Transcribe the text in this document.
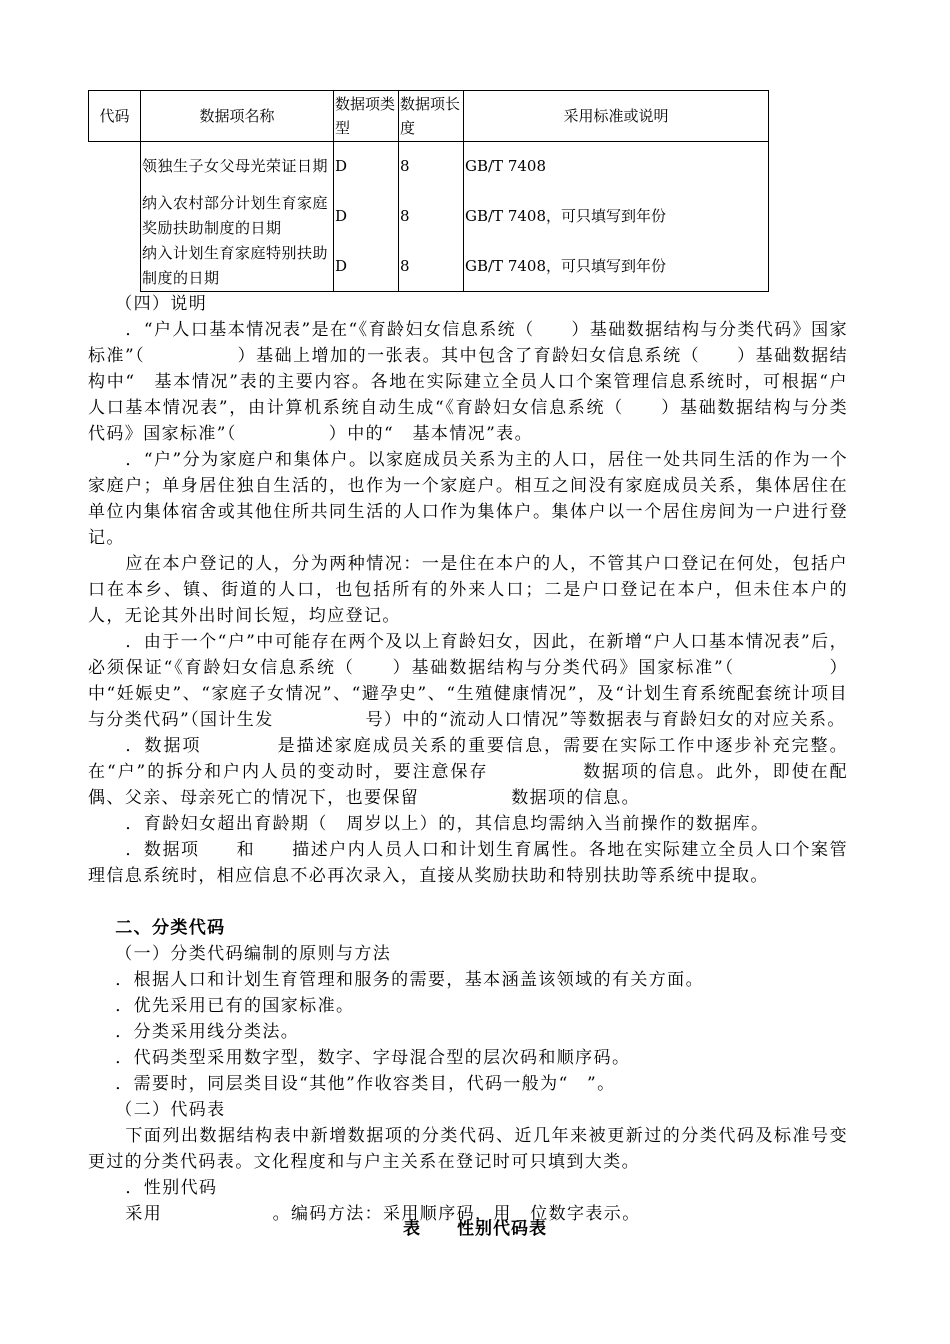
代码	数据项名称	数据项类型	数据项长度	采用标准或说明
	领独生子女父母光荣证日期	D	8	GB/T 7408
	纳入农村部分计划生育家庭奖励扶助制度的日期	D	8	GB/T 7408，可只填写到年份
	纳入计划生育家庭特别扶助制度的日期	D	8	GB/T 7408，可只填写到年份

（四）说明

．“户人口基本情况表”是在“《育龄妇女信息系统（　　）基础数据结构与分类代码》国家标准”（　　　　　）基础上增加的一张表。其中包含了育龄妇女信息系统（　　）基础数据结构中“　基本情况”表的主要内容。各地在实际建立全员人口个案管理信息系统时，可根据“户人口基本情况表”，由计算机系统自动生成“《育龄妇女信息系统（　　）基础数据结构与分类代码》国家标准”（　　　　　）中的“　基本情况”表。

．“户”分为家庭户和集体户。以家庭成员关系为主的人口，居住一处共同生活的作为一个家庭户；单身居住独自生活的，也作为一个家庭户。相互之间没有家庭成员关系，集体居住在单位内集体宿舍或其他住所共同生活的人口作为集体户。集体户以一个居住房间为一户进行登记。

应在本户登记的人，分为两种情况：一是住在本户的人，不管其户口登记在何处，包括户口在本乡、镇、街道的人口，也包括所有的外来人口；二是户口登记在本户，但未住本户的人，无论其外出时间长短，均应登记。

．由于一个“户”中可能存在两个及以上育龄妇女，因此，在新增“户人口基本情况表”后，必须保证“《育龄妇女信息系统（　　）基础数据结构与分类代码》国家标准”（　　　　　）中“妊娠史”、“家庭子女情况”、“避孕史”、“生殖健康情况”，及“计划生育系统配套统计项目与分类代码”（国计生发　　　　　号）中的“流动人口情况”等数据表与育龄妇女的对应关系。

．数据项　　　　是描述家庭成员关系的重要信息，需要在实际工作中逐步补充完整。在“户”的拆分和户内人员的变动时，要注意保存　　　　　数据项的信息。此外，即使在配偶、父亲、母亲死亡的情况下，也要保留　　　　　数据项的信息。

．育龄妇女超出育龄期（　周岁以上）的，其信息均需纳入当前操作的数据库。

．数据项　　和　　描述户内人员人口和计划生育属性。各地在实际建立全员人口个案管理信息系统时，相应信息不必再次录入，直接从奖励扶助和特别扶助等系统中提取。

二、分类代码

（一）分类代码编制的原则与方法

．根据人口和计划生育管理和服务的需要，基本涵盖该领域的有关方面。

．优先采用已有的国家标准。

．分类采用线分类法。

．代码类型采用数字型，数字、字母混合型的层次码和顺序码。

．需要时，同层类目设“其他”作收容类目，代码一般为“　”。

（二）代码表

下面列出数据结构表中新增数据项的分类代码、近几年来被更新过的分类代码及标准号变更过的分类代码表。文化程度和与户主关系在登记时可只填到大类。

．性别代码

采用　　　　　　。编码方法：采用顺序码，用　位数字表示。

表　　性别代码表
